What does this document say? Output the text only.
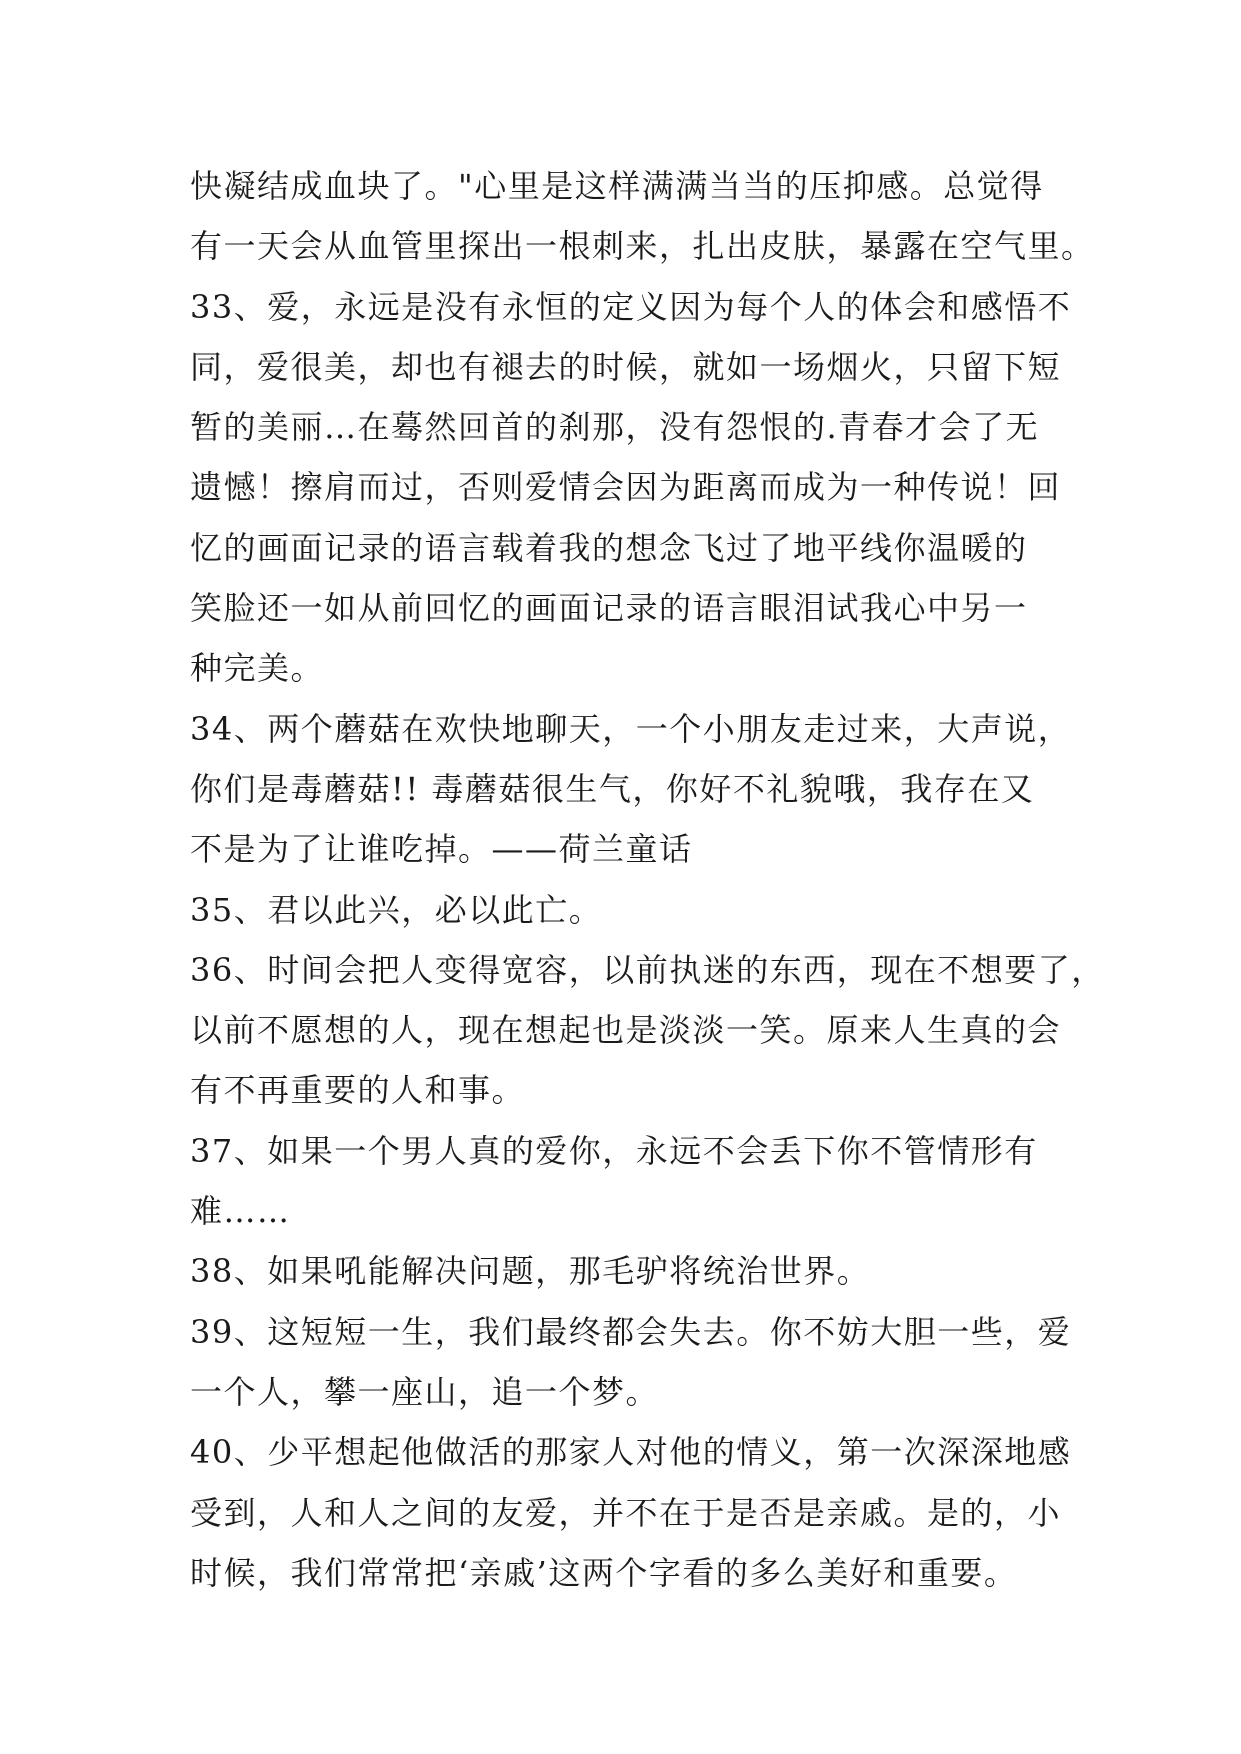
快凝结成血块了。"心里是这样满满当当的压抑感。总觉得
有一天会从血管里探出一根刺来，扎出皮肤，暴露在空气里。
33、爱，永远是没有永恒的定义因为每个人的体会和感悟不
同，爱很美，却也有褪去的时候，就如一场烟火，只留下短
暂的美丽…在蓦然回首的刹那，没有怨恨的.青春才会了无
遗憾！擦肩而过，否则爱情会因为距离而成为一种传说！回
忆的画面记录的语言载着我的想念飞过了地平线你温暖的
笑脸还一如从前回忆的画面记录的语言眼泪试我心中另一
种完美。
34、两个蘑菇在欢快地聊天，一个小朋友走过来，大声说，
你们是毒蘑菇!! 毒蘑菇很生气，你好不礼貌哦，我存在又
不是为了让谁吃掉。——荷兰童话
35、君以此兴，必以此亡。
36、时间会把人变得宽容，以前执迷的东西，现在不想要了，
以前不愿想的人，现在想起也是淡淡一笑。原来人生真的会
有不再重要的人和事。
37、如果一个男人真的爱你，永远不会丢下你不管情形有
难……
38、如果吼能解决问题，那毛驴将统治世界。
39、这短短一生，我们最终都会失去。你不妨大胆一些，爱
一个人，攀一座山，追一个梦。
40、少平想起他做活的那家人对他的情义，第一次深深地感
受到，人和人之间的友爱，并不在于是否是亲戚。是的，小
时候，我们常常把‘亲戚’这两个字看的多么美好和重要。
